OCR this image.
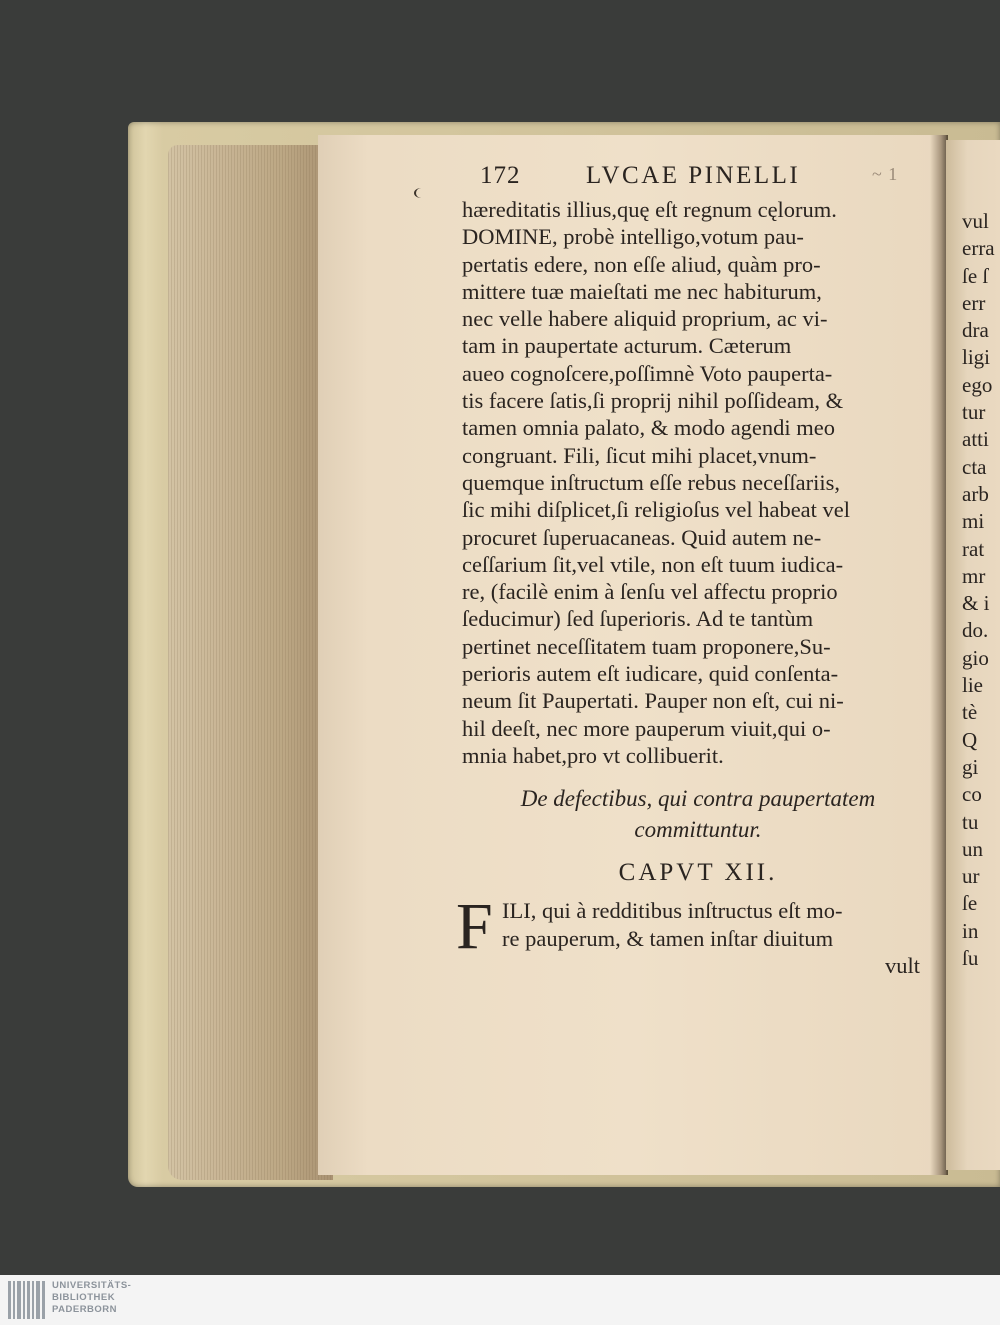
172	LVCAE PINELLI	~ 1
hæreditatis illius,quę eſt regnum cęlorum.
DOMINE, probè intelligo,votum pau-
pertatis edere, non eſſe aliud, quàm pro-
mittere tuæ maieſtati me nec habiturum,
nec velle habere aliquid proprium, ac vi-
tam in paupertate acturum. Cæterum
aueo cognoſcere,poſſimnè Voto pauperta-
tis facere ſatis,ſi proprij nihil poſſideam, &
tamen omnia palato, & modo agendi meo
congruant. Fili, ſicut mihi placet,vnum-
quemque inſtructum eſſe rebus neceſſariis,
ſic mihi diſplicet,ſi religioſus vel habeat vel
procuret ſuperuacaneas. Quid autem ne-
ceſſarium ſit,vel vtile, non eſt tuum iudica-
re, (facilè enim à ſenſu vel affectu proprio
ſeducimur) ſed ſuperioris. Ad te tantùm
pertinet neceſſitatem tuam proponere,Su-
perioris autem eſt iudicare, quid conſenta-
neum ſit Paupertati. Pauper non eſt, cui ni-
hil deeſt, nec more pauperum viuit,qui o-
mnia habet,pro vt collibuerit.
De defectibus, qui contra paupertatem
committuntur.
CAPVT XII.
F ILI, qui à redditibus inſtructus eſt mo-
re pauperum, & tamen inſtar diuitum
vult
vul
erra
ſe ſ
err
dra
ligi
ego
tur
atti
cta
arb
mi
rat
mr
& i
do.
gio
lie
tè
Q
gi
co
tu
un
ur
ſe
in
ſu
UNIVERSITÄTS-
BIBLIOTHEK
PADERBORN
